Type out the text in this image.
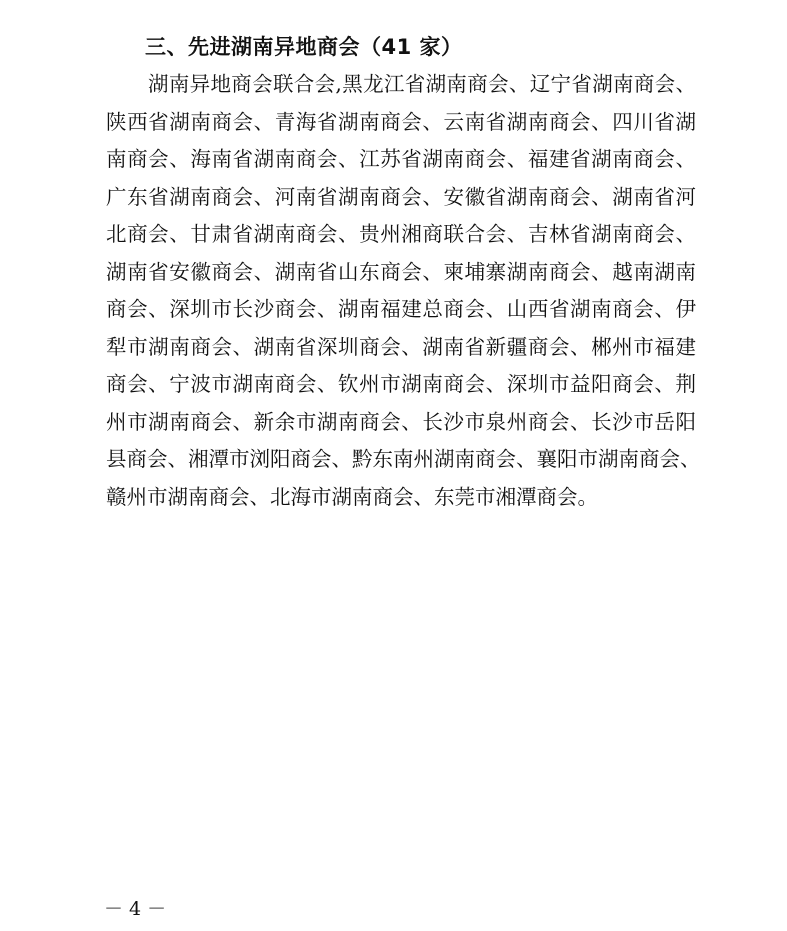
三、先进湖南异地商会（41 家）
湖南异地商会联合会,黑龙江省湖南商会、辽宁省湖南商会、
陕西省湖南商会、青海省湖南商会、云南省湖南商会、四川省湖
南商会、海南省湖南商会、江苏省湖南商会、福建省湖南商会、
广东省湖南商会、河南省湖南商会、安徽省湖南商会、湖南省河
北商会、甘肃省湖南商会、贵州湘商联合会、吉林省湖南商会、
湖南省安徽商会、湖南省山东商会、柬埔寨湖南商会、越南湖南
商会、深圳市长沙商会、湖南福建总商会、山西省湖南商会、伊
犁市湖南商会、湖南省深圳商会、湖南省新疆商会、郴州市福建
商会、宁波市湖南商会、钦州市湖南商会、深圳市益阳商会、荆
州市湖南商会、新余市湖南商会、长沙市泉州商会、长沙市岳阳
县商会、湘潭市浏阳商会、黔东南州湖南商会、襄阳市湖南商会、
赣州市湖南商会、北海市湖南商会、东莞市湘潭商会。
－ 4 －
